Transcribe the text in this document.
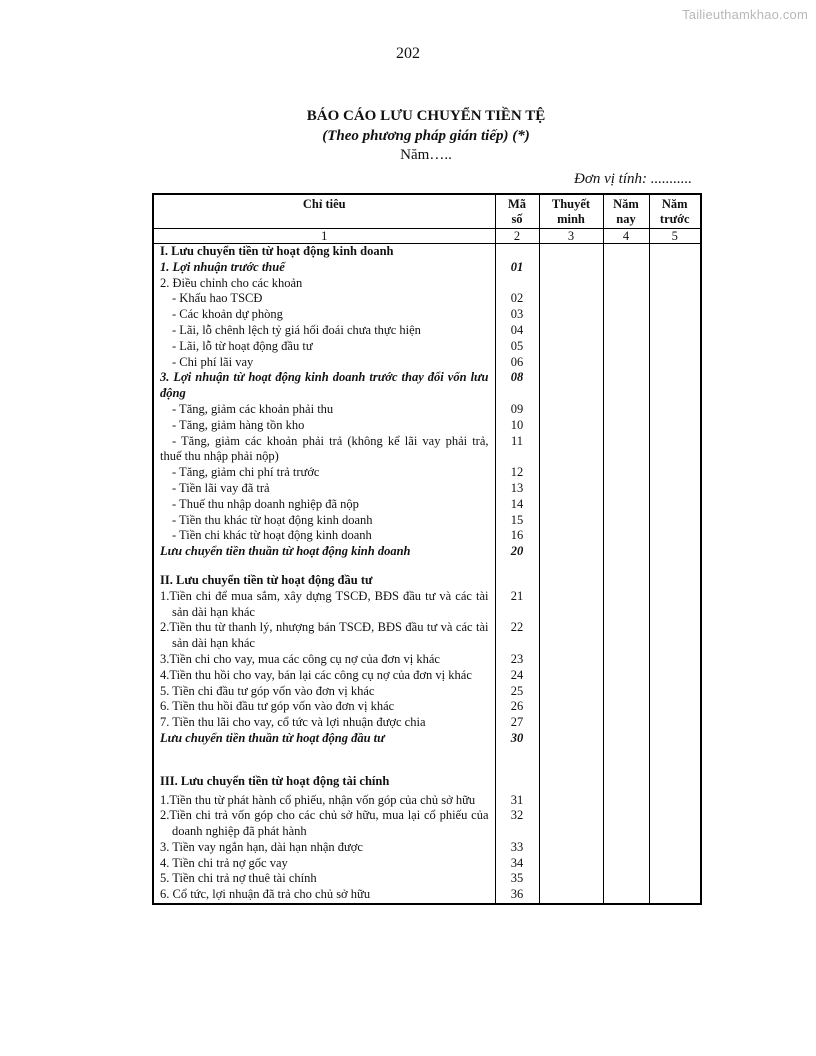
Tailieuthamkhao.com
202
BÁO CÁO LƯU CHUYỂN TIỀN TỆ
(Theo phương pháp gián tiếp) (*)
Năm…..
Đơn vị tính: ...........
Chỉ tiêu	Mã số	Thuyết minh	Năm nay	Năm trước
1	2	3	4	5
I. Lưu chuyển tiền từ hoạt động kinh doanh				
1. Lợi nhuận trước thuế	01			
2. Điều chỉnh cho các khoản				
- Khấu hao TSCĐ	02			
- Các khoản dự phòng	03			
- Lãi, lỗ chênh lệch tỷ giá hối đoái chưa thực hiện	04			
- Lãi, lỗ từ hoạt động đầu tư	05			
- Chi phí lãi vay	06			
3. Lợi nhuận từ hoạt động kinh doanh trước thay đổi vốn lưu động	08			
- Tăng, giảm các khoản phải thu	09			
- Tăng, giảm hàng tồn kho	10			
- Tăng, giảm các khoản phải trả (không kể lãi vay phải trả, thuế thu nhập phải nộp)	11			
- Tăng, giảm chi phí trả trước	12			
- Tiền lãi vay đã trả	13			
- Thuế thu nhập doanh nghiệp đã nộp	14			
- Tiền thu khác từ hoạt động kinh doanh	15			
- Tiền chi khác từ hoạt động kinh doanh	16			
Lưu chuyển tiền thuần từ hoạt động kinh doanh	20			

II. Lưu chuyển tiền từ hoạt động đầu tư				
1.Tiền chi để mua sắm, xây dựng TSCĐ, BĐS đầu tư và các tài sản dài hạn khác	21			
2.Tiền thu từ thanh lý, nhượng bán TSCĐ, BĐS đầu tư và các tài sản dài hạn khác	22			
3.Tiền chi cho vay, mua các công cụ nợ của đơn vị khác	23			
4.Tiền thu hồi cho vay, bán lại các công cụ nợ của đơn vị khác	24			
5. Tiền chi đầu tư góp vốn vào đơn vị khác	25			
6. Tiền thu hồi đầu tư góp vốn vào đơn vị khác	26			
7. Tiền thu lãi cho vay, cổ tức và lợi nhuận được chia	27			
Lưu chuyển tiền thuần từ hoạt động đầu tư	30			

III. Lưu chuyển tiền từ hoạt động tài chính				
1.Tiền thu từ phát hành cổ phiếu, nhận vốn góp của chủ sở hữu	31			
2.Tiền chi trả vốn góp cho các chủ sở hữu, mua lại cổ phiếu của doanh nghiệp đã phát hành	32			
3. Tiền vay ngắn hạn, dài hạn nhận được	33			
4. Tiền chi trả nợ gốc vay	34			
5. Tiền chi trả nợ thuê tài chính	35			
6. Cổ tức, lợi nhuận đã trả cho chủ sở hữu	36			
